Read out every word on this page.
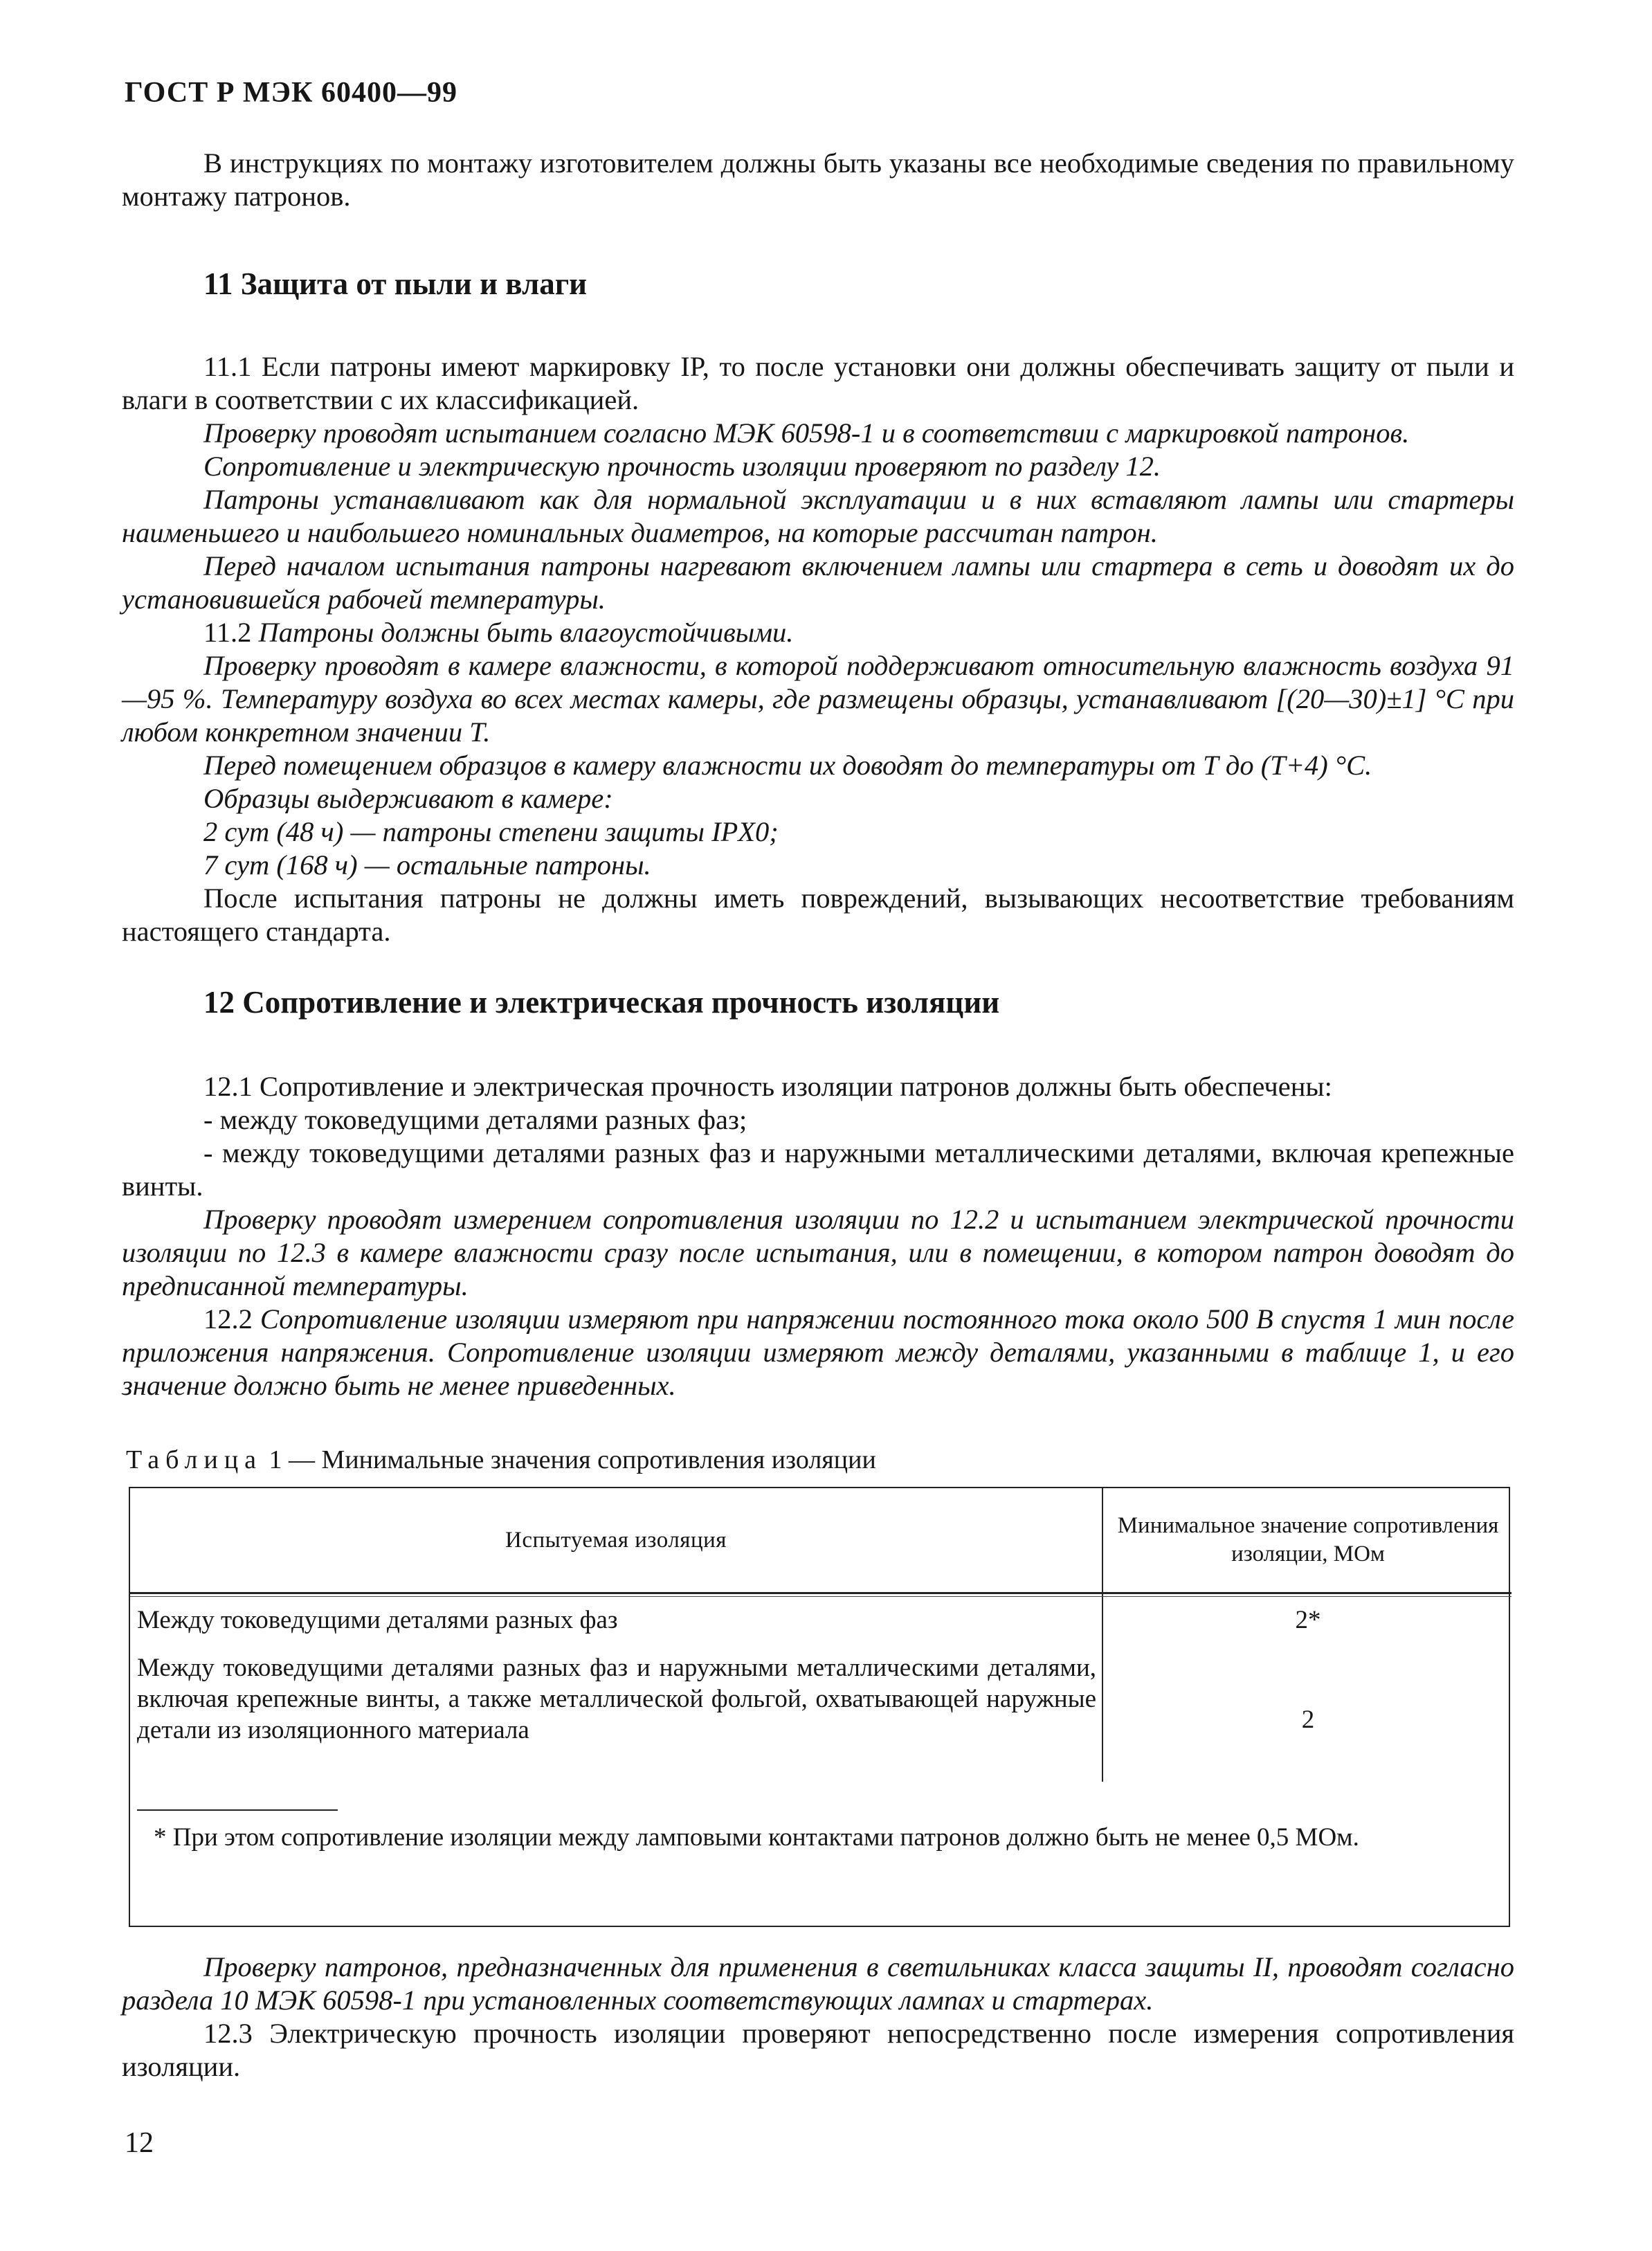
ГОСТ Р МЭК 60400—99

В инструкциях по монтажу изготовителем должны быть указаны все необходимые сведения по правильному монтажу патронов.

11 Защита от пыли и влаги

11.1 Если патроны имеют маркировку IP, то после установки они должны обеспечивать защиту от пыли и влаги в соответствии с их классификацией.

Проверку проводят испытанием согласно МЭК 60598-1 и в соответствии с маркировкой патронов.

Сопротивление и электрическую прочность изоляции проверяют по разделу 12.

Патроны устанавливают как для нормальной эксплуатации и в них вставляют лампы или стартеры наименьшего и наибольшего номинальных диаметров, на которые рассчитан патрон.

Перед началом испытания патроны нагревают включением лампы или стартера в сеть и доводят их до установившейся рабочей температуры.

11.2 Патроны должны быть влагоустойчивыми.

Проверку проводят в камере влажности, в которой поддерживают относительную влажность воздуха 91—95 %. Температуру воздуха во всех местах камеры, где размещены образцы, устанавливают [(20—30)±1] °С при любом конкретном значении Т.

Перед помещением образцов в камеру влажности их доводят до температуры от Т до (Т+4) °С.

Образцы выдерживают в камере:

2 сут (48 ч) — патроны степени защиты IPX0;

7 сут (168 ч) — остальные патроны.

После испытания патроны не должны иметь повреждений, вызывающих несоответствие требованиям настоящего стандарта.

12 Сопротивление и электрическая прочность изоляции

12.1 Сопротивление и электрическая прочность изоляции патронов должны быть обеспечены:

- между токоведущими деталями разных фаз;

- между токоведущими деталями разных фаз и наружными металлическими деталями, включая крепежные винты.

Проверку проводят измерением сопротивления изоляции по 12.2 и испытанием электрической прочности изоляции по 12.3 в камере влажности сразу после испытания, или в помещении, в котором патрон доводят до предписанной температуры.

12.2 Сопротивление изоляции измеряют при напряжении постоянного тока около 500 В спустя 1 мин после приложения напряжения. Сопротивление изоляции измеряют между деталями, указанными в таблице 1, и его значение должно быть не менее приведенных.

Таблица 1 — Минимальные значения сопротивления изоляции
Испытуемая изоляция
Минимальное значение сопротивления изоляции, МОм
Между токоведущими деталями разных фаз	2*
Между токоведущими деталями разных фаз и наружными металлическими деталями, включая крепежные винты, а также металлической фольгой, охватывающей наружные детали из изоляционного материала	2
* При этом сопротивление изоляции между ламповыми контактами патронов должно быть не менее 0,5 МОм.

Проверку патронов, предназначенных для применения в светильниках класса защиты II, проводят согласно раздела 10 МЭК 60598-1 при установленных соответствующих лампах и стартерах.

12.3 Электрическую прочность изоляции проверяют непосредственно после измерения сопротивления изоляции.

12
